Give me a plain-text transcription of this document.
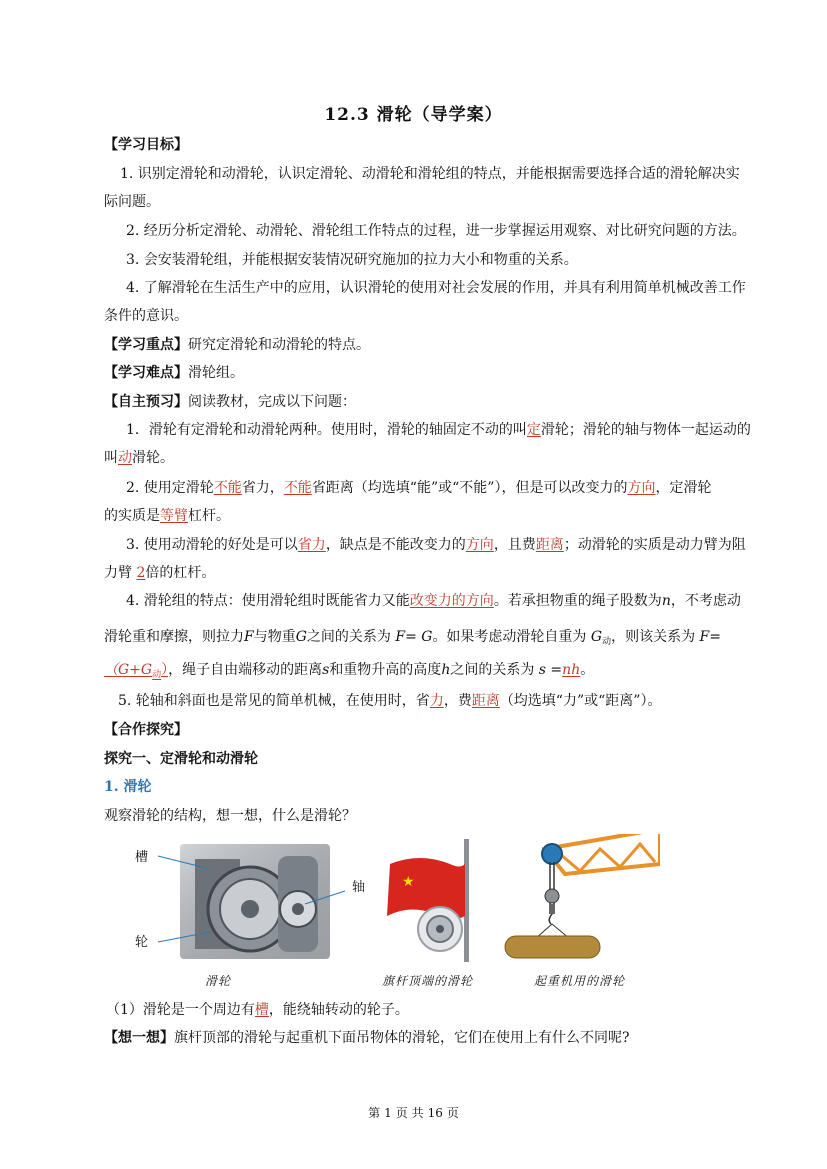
12.3 滑轮（导学案）
【学习目标】
1. 识别定滑轮和动滑轮，认识定滑轮、动滑轮和滑轮组的特点，并能根据需要选择合适的滑轮解决实
际问题。
2. 经历分析定滑轮、动滑轮、滑轮组工作特点的过程，进一步掌握运用观察、对比研究问题的方法。
3. 会安装滑轮组，并能根据安装情况研究施加的拉力大小和物重的关系。
4. 了解滑轮在生活生产中的应用，认识滑轮的使用对社会发展的作用，并具有利用简单机械改善工作
条件的意识。
【学习重点】研究定滑轮和动滑轮的特点。
【学习难点】滑轮组。
【自主预习】阅读教材，完成以下问题：
1．滑轮有定滑轮和动滑轮两种。使用时，滑轮的轴固定不动的叫定滑轮；滑轮的轴与物体一起运动的
叫动滑轮。
2. 使用定滑轮不能省力，不能省距离（均选填“能”或“不能”），但是可以改变力的方向，定滑轮
的实质是等臂杠杆。
3. 使用动滑轮的好处是可以省力，缺点是不能改变力的方向，且费距离；动滑轮的实质是动力臂为阻
力臂 2倍的杠杆。
4. 滑轮组的特点：使用滑轮组时既能省力又能改变力的方向。若承担物重的绳子股数为n，不考虑动
滑轮重和摩擦，则拉力F与物重G之间的关系为 F= G。如果考虑动滑轮自重为 $G_动$，则该关系为 F=
$(G+G_动)$，绳子自由端移动的距离s和重物升高的高度h之间的关系为 s =nh。
5. 轮轴和斜面也是常见的简单机械，在使用时，省力，费距离（均选填“力”或“距离”）。
【合作探究】
探究一、定滑轮和动滑轮
1. 滑轮
观察滑轮的结构，想一想，什么是滑轮？
★
槽
轴
轮
滑轮	旗杆顶端的滑轮	起重机用的滑轮
（1）滑轮是一个周边有槽，能绕轴转动的轮子。
【想一想】旗杆顶部的滑轮与起重机下面吊物体的滑轮，它们在使用上有什么不同呢?
第 1 页 共 16 页
